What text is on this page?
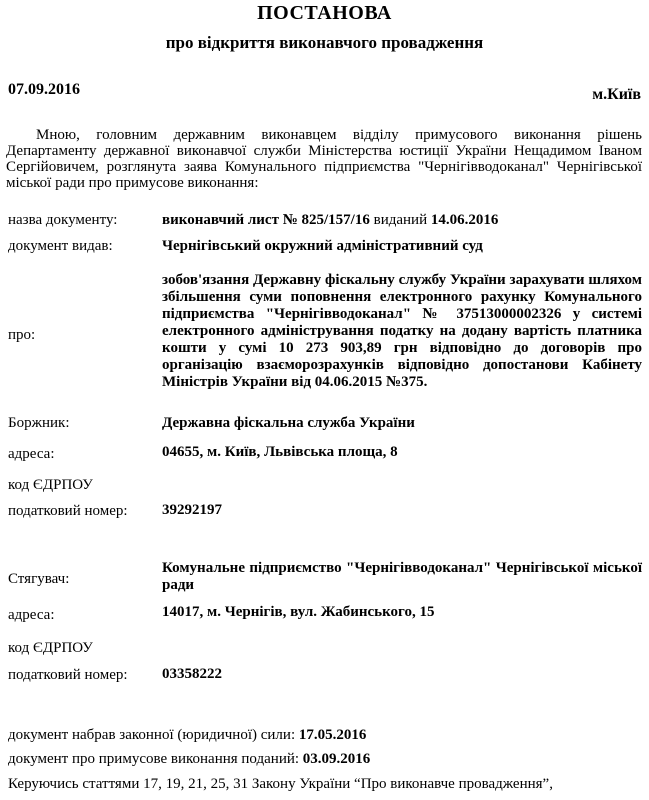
ПОСТАНОВА
про відкриття виконавчого провадження
07.09.2016	м.Київ
Мною, головним державним виконавцем відділу примусового виконання рішень Департаменту державної виконавчої служби Міністерства юстиції України Нещадимом Іваном Сергійовичем, розглянута заява Комунального підприємства "Чернігівводоканал" Чернігівської міської ради про примусове виконання:
назва документу:	виконавчий лист № 825/157/16 виданий 14.06.2016
документ видав:	Чернігівський окружний адміністративний суд
про:
зобов'язання Державну фіскальну службу України зарахувати шляхом збільшення суми поповнення електронного рахунку Комунального підприємства "Чернігівводоканал" № 37513000002326 у системі електронного адміністрування податку на додану вартість платника кошти у сумі 10 273 903,89 грн відповідно до договорів про організацію взаєморозрахунків відповідно допостанови Кабінету Міністрів України від 04.06.2015 №375.
Боржник:	Державна фіскальна служба України
адреса:	04655, м. Київ, Львівська площа, 8
код ЄДРПОУ
податковий номер: 39292197
Стягувач:
Комунальне підприємство "Чернігівводоканал" Чернігівської міської ради
адреса:	14017, м. Чернігів, вул. Жабинського, 15
код ЄДРПОУ
податковий номер: 03358222
документ набрав законної (юридичної) сили: 17.05.2016
документ про примусове виконання поданий: 03.09.2016
Керуючись статтями 17, 19, 21, 25, 31 Закону України “Про виконавче провадження”,
